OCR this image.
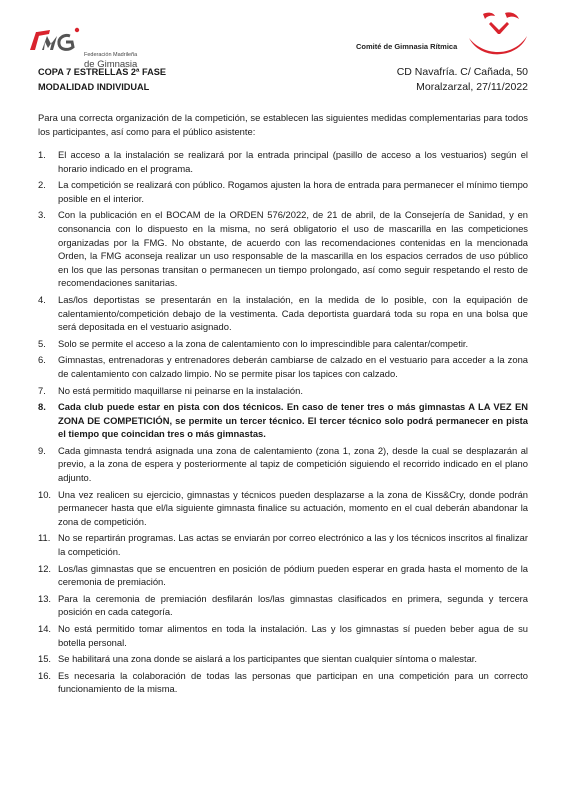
Federación Madrileña
de Gimnasia
Comité de Gimnasia Rítmica
COPA 7 ESTRELLAS 2ª FASE	CD Navafría. C/ Cañada, 50
MODALIDAD INDIVIDUAL	Moralzarzal, 27/11/2022

Para una correcta organización de la competición, se establecen las siguientes medidas complementarias para todos los participantes, así como para el público asistente:

1. El acceso a la instalación se realizará por la entrada principal (pasillo de acceso a los vestuarios) según el horario indicado en el programa.
2. La competición se realizará con público. Rogamos ajusten la hora de entrada para permanecer el mínimo tiempo posible en el interior.
3. Con la publicación en el BOCAM de la ORDEN 576/2022, de 21 de abril, de la Consejería de Sanidad, y en consonancia con lo dispuesto en la misma, no será obligatorio el uso de mascarilla en las competiciones organizadas por la FMG. No obstante, de acuerdo con las recomendaciones contenidas en la mencionada Orden, la FMG aconseja realizar un uso responsable de la mascarilla en los espacios cerrados de uso público en los que las personas transitan o permanecen un tiempo prolongado, así como seguir respetando el resto de recomendaciones sanitarias.
4. Las/los deportistas se presentarán en la instalación, en la medida de lo posible, con la equipación de calentamiento/competición debajo de la vestimenta. Cada deportista guardará toda su ropa en una bolsa que será depositada en el vestuario asignado.
5. Solo se permite el acceso a la zona de calentamiento con lo imprescindible para calentar/competir.
6. Gimnastas, entrenadoras y entrenadores deberán cambiarse de calzado en el vestuario para acceder a la zona de calentamiento con calzado limpio. No se permite pisar los tapices con calzado.
7. No está permitido maquillarse ni peinarse en la instalación.
8. Cada club puede estar en pista con dos técnicos. En caso de tener tres o más gimnastas A LA VEZ EN ZONA DE COMPETICIÓN, se permite un tercer técnico. El tercer técnico solo podrá permanecer en pista el tiempo que coincidan tres o más gimnastas.
9. Cada gimnasta tendrá asignada una zona de calentamiento (zona 1, zona 2), desde la cual se desplazarán al previo, a la zona de espera y posteriormente al tapiz de competición siguiendo el recorrido indicado en el plano adjunto.
10. Una vez realicen su ejercicio, gimnastas y técnicos pueden desplazarse a la zona de Kiss&Cry, donde podrán permanecer hasta que el/la siguiente gimnasta finalice su actuación, momento en el cual deberán abandonar la zona de competición.
11. No se repartirán programas. Las actas se enviarán por correo electrónico a las y los técnicos inscritos al finalizar la competición.
12. Los/las gimnastas que se encuentren en posición de pódium pueden esperar en grada hasta el momento de la ceremonia de premiación.
13. Para la ceremonia de premiación desfilarán los/las gimnastas clasificados en primera, segunda y tercera posición en cada categoría.
14. No está permitido tomar alimentos en toda la instalación. Las y los gimnastas sí pueden beber agua de su botella personal.
15. Se habilitará una zona donde se aislará a los participantes que sientan cualquier síntoma o malestar.
16. Es necesaria la colaboración de todas las personas que participan en una competición para un correcto funcionamiento de la misma.
